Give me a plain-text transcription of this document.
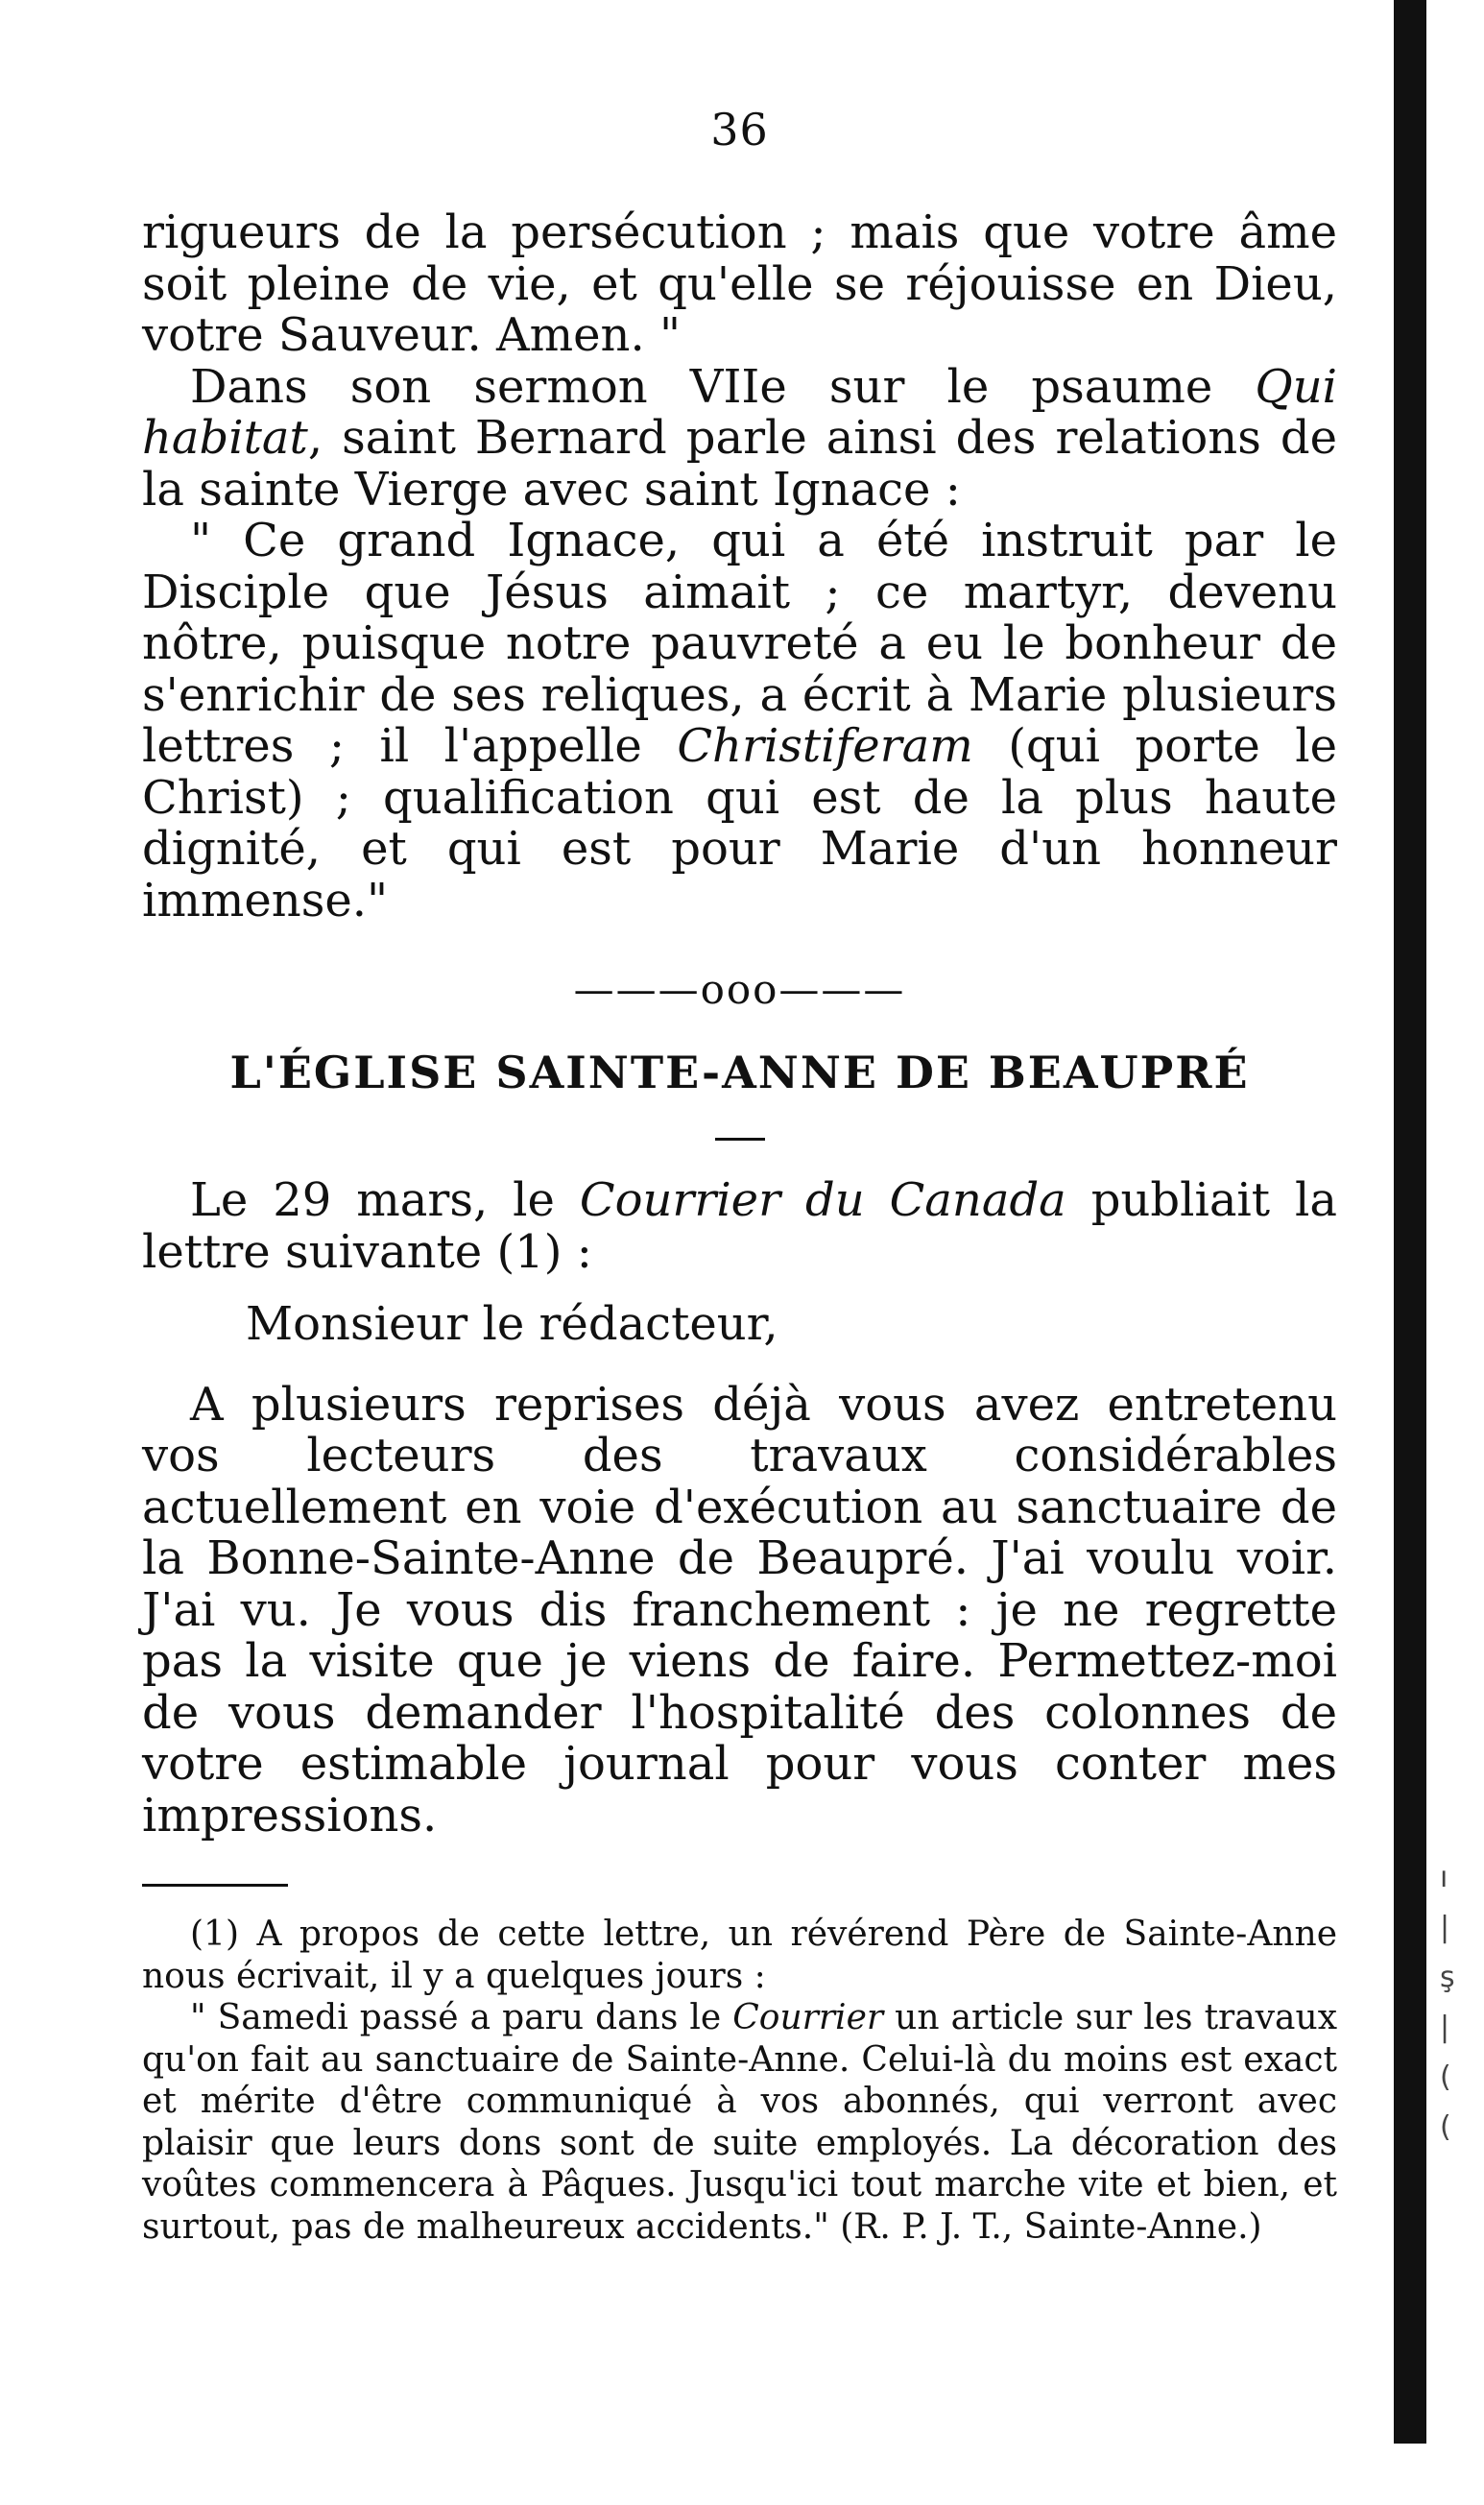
ı
|
ş
|
(
(
36

rigueurs de la persécution ; mais que votre âme soit pleine de vie, et qu'elle se réjouisse en Dieu, votre Sauveur. Amen. "

Dans son sermon VIIe sur le psaume Qui habitat, saint Bernard parle ainsi des relations de la sainte Vierge avec saint Ignace :

" Ce grand Ignace, qui a été instruit par le Disciple que Jésus aimait ; ce martyr, devenu nôtre, puisque notre pauvreté a eu le bonheur de s'enrichir de ses reliques, a écrit à Marie plusieurs lettres ; il l'appelle Christiferam (qui porte le Christ) ; qualification qui est de la plus haute dignité, et qui est pour Marie d'un honneur immense."

———ooo———
L'ÉGLISE SAINTE-ANNE DE BEAUPRÉ

Le 29 mars, le Courrier du Canada publiait la lettre suivante (1) :

Monsieur le rédacteur,

A plusieurs reprises déjà vous avez entretenu vos lecteurs des travaux considérables actuellement en voie d'exécution au sanctuaire de la Bonne-Sainte-Anne de Beaupré. J'ai voulu voir. J'ai vu. Je vous dis franchement : je ne regrette pas la visite que je viens de faire. Permettez-moi de vous demander l'hospitalité des colonnes de votre estimable journal pour vous conter mes impressions.

(1) A propos de cette lettre, un révérend Père de Sainte-Anne nous écrivait, il y a quelques jours :

" Samedi passé a paru dans le Courrier un article sur les travaux qu'on fait au sanctuaire de Sainte-Anne. Celui-là du moins est exact et mérite d'être communiqué à vos abonnés, qui verront avec plaisir que leurs dons sont de suite employés. La décoration des voûtes commencera à Pâques. Jusqu'ici tout marche vite et bien, et surtout, pas de malheureux accidents." (R. P. J. T., Sainte-Anne.)
